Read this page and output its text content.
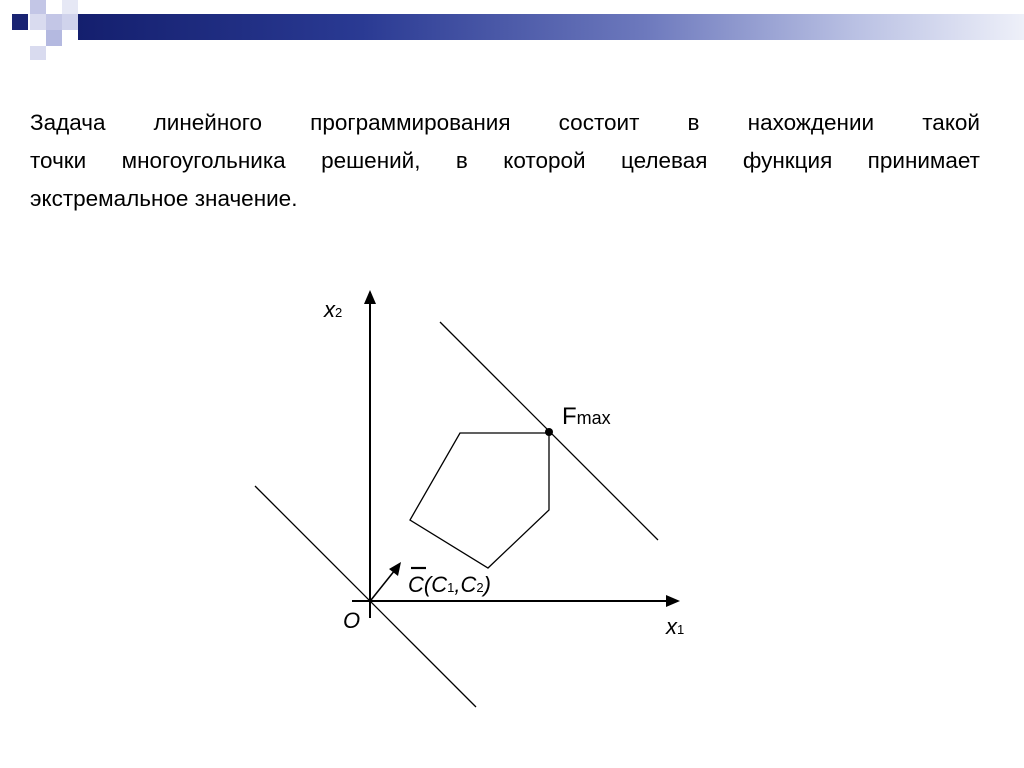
Задача линейного программирования состоит в нахождении такой
точки многоугольника решений, в которой целевая функция принимает
экстремальное значение.
x2
x1
O
Fmax
C(C1,C2)
